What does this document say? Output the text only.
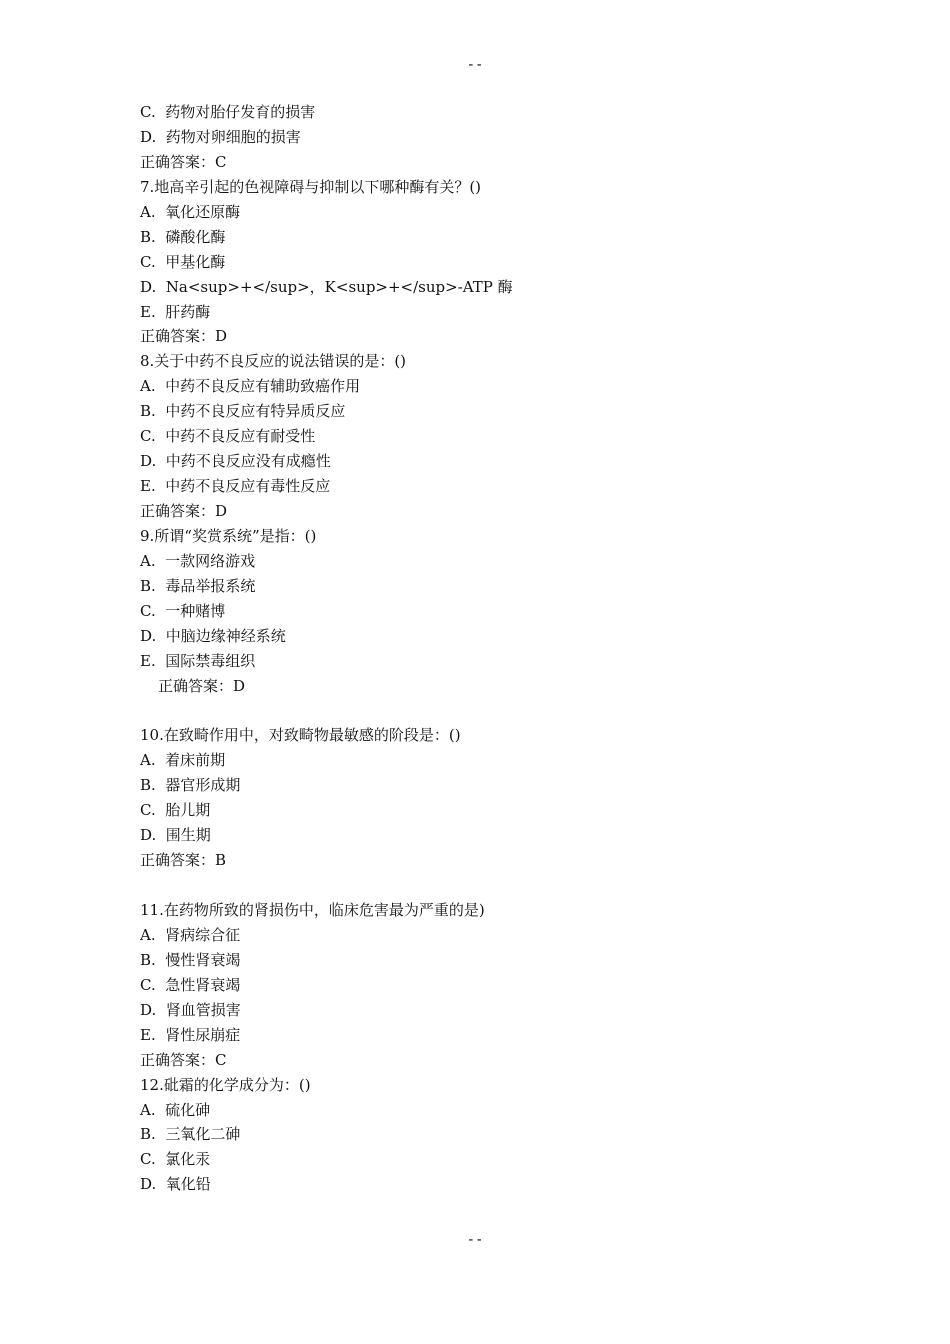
--
C.  药物对胎仔发育的损害
D.  药物对卵细胞的损害
正确答案：C
7.地高辛引起的色视障碍与抑制以下哪种酶有关？()
A.  氧化还原酶
B.  磷酸化酶
C.  甲基化酶
D.  Na<sup>+</sup>，K<sup>+</sup>-ATP 酶
E.  肝药酶
正确答案：D
8.关于中药不良反应的说法错误的是：()
A.  中药不良反应有辅助致癌作用
B.  中药不良反应有特异质反应
C.  中药不良反应有耐受性
D.  中药不良反应没有成瘾性
E.  中药不良反应有毒性反应
正确答案：D
9.所谓“奖赏系统”是指：()
A.  一款网络游戏
B.  毒品举报系统
C.  一种赌博
D.  中脑边缘神经系统
E.  国际禁毒组织
正确答案：D
10.在致畸作用中，对致畸物最敏感的阶段是：()
A.  着床前期
B.  器官形成期
C.  胎儿期
D.  围生期
正确答案：B
11.在药物所致的肾损伤中，临床危害最为严重的是)
A.  肾病综合征
B.  慢性肾衰竭
C.  急性肾衰竭
D.  肾血管损害
E.  肾性尿崩症
正确答案：C
12.砒霜的化学成分为：()
A.  硫化砷
B.  三氧化二砷
C.  氯化汞
D.  氧化铅
--
